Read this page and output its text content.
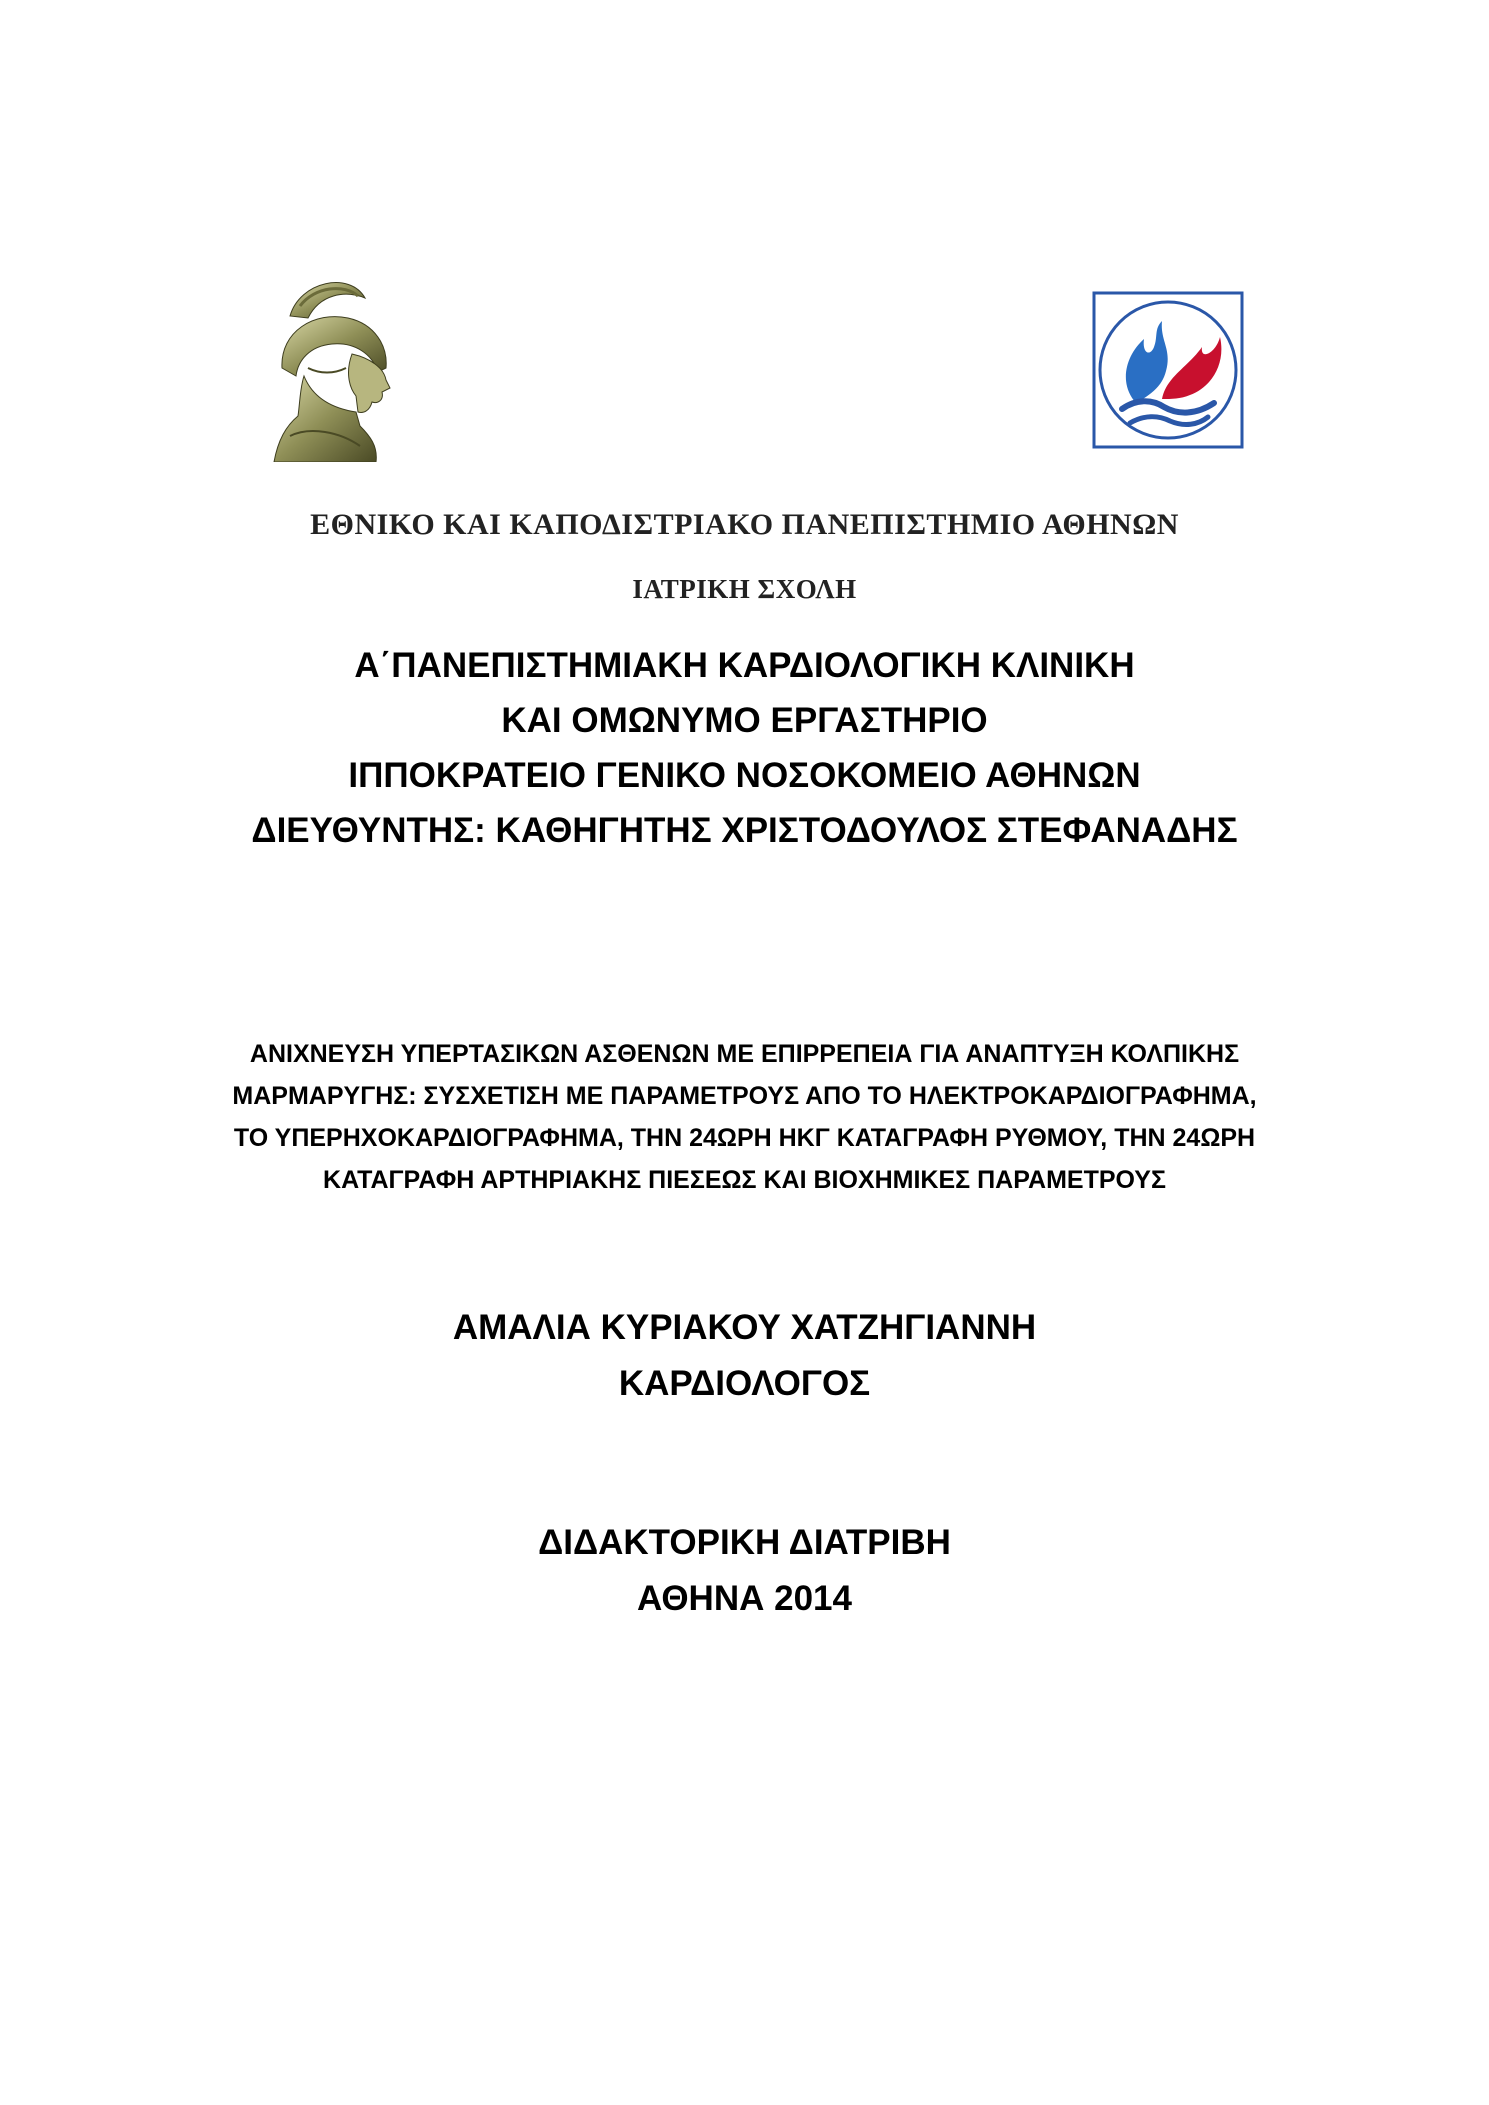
ΕΘΝΙΚΟ ΚΑΙ ΚΑΠΟΔΙΣΤΡΙΑΚΟ ΠΑΝΕΠΙΣΤΗΜΙΟ ΑΘΗΝΩΝ
ΙΑΤΡΙΚΗ ΣΧΟΛΗ
Α΄ΠΑΝΕΠΙΣΤΗΜΙΑΚΗ ΚΑΡΔΙΟΛΟΓΙΚΗ ΚΛΙΝΙΚΗ
ΚΑΙ ΟΜΩΝΥΜΟ ΕΡΓΑΣΤΗΡΙΟ
ΙΠΠΟΚΡΑΤΕΙΟ ΓΕΝΙΚΟ ΝΟΣΟΚΟΜΕΙΟ ΑΘΗΝΩΝ
ΔΙΕΥΘΥΝΤΗΣ: ΚΑΘΗΓΗΤΗΣ ΧΡΙΣΤΟΔΟΥΛΟΣ ΣΤΕΦΑΝΑΔΗΣ
ΑΝΙΧΝΕΥΣΗ ΥΠΕΡΤΑΣΙΚΩΝ ΑΣΘΕΝΩΝ ΜΕ ΕΠΙΡΡΕΠΕΙΑ ΓΙΑ ΑΝΑΠΤΥΞΗ ΚΟΛΠΙΚΗΣ
ΜΑΡΜΑΡΥΓΗΣ: ΣΥΣΧΕΤΙΣΗ ΜΕ ΠΑΡΑΜΕΤΡΟΥΣ ΑΠΟ ΤΟ ΗΛΕΚΤΡΟΚΑΡΔΙΟΓΡΑΦΗΜΑ,
ΤΟ ΥΠΕΡΗΧΟΚΑΡΔΙΟΓΡΑΦΗΜΑ, ΤΗΝ 24ΩΡΗ ΗΚΓ ΚΑΤΑΓΡΑΦΗ ΡΥΘΜΟΥ, ΤΗΝ 24ΩΡΗ
ΚΑΤΑΓΡΑΦΗ ΑΡΤΗΡΙΑΚΗΣ ΠΙΕΣΕΩΣ ΚΑΙ ΒΙΟΧΗΜΙΚΕΣ ΠΑΡΑΜΕΤΡΟΥΣ
ΑΜΑΛΙΑ ΚΥΡΙΑΚΟΥ ΧΑΤΖΗΓΙΑΝΝΗ
ΚΑΡΔΙΟΛΟΓΟΣ
ΔΙΔΑΚΤΟΡΙΚΗ ΔΙΑΤΡΙΒΗ
ΑΘΗΝΑ 2014
